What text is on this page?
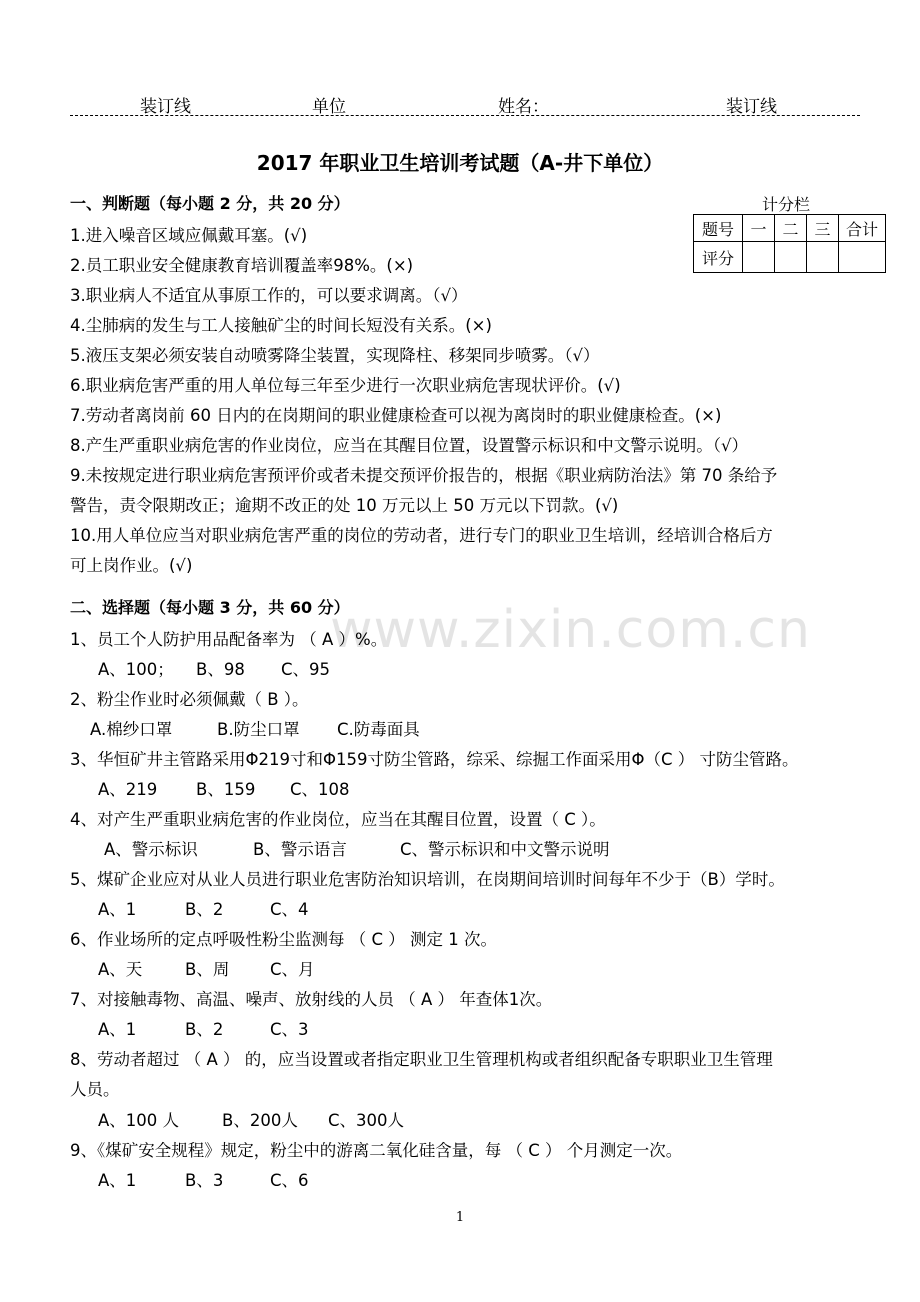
装订线	单位	姓名：	装订线
2017 年职业卫生培训考试题（A-井下单位）
www.zixin.com.cn
一、判断题（每小题 2 分，共 20 分）	计分栏
题号	一	二	三	合计
评分				
1.进入噪音区域应佩戴耳塞。(√)
2.员工职业安全健康教育培训覆盖率98%。(×)
3.职业病人不适宜从事原工作的，可以要求调离。（√）
4.尘肺病的发生与工人接触矿尘的时间长短没有关系。(×)
5.液压支架必须安装自动喷雾降尘装置，实现降柱、移架同步喷雾。（√）
6.职业病危害严重的用人单位每三年至少进行一次职业病危害现状评价。(√)
7.劳动者离岗前 60 日内的在岗期间的职业健康检查可以视为离岗时的职业健康检查。(×)
8.产生严重职业病危害的作业岗位，应当在其醒目位置，设置警示标识和中文警示说明。（√）
9.未按规定进行职业病危害预评价或者未提交预评价报告的，根据《职业病防治法》第 70 条给予
警告，责令限期改正；逾期不改正的处 10 万元以上 50 万元以下罚款。(√)
10.用人单位应当对职业病危害严重的岗位的劳动者，进行专门的职业卫生培训，经培训合格后方
可上岗作业。(√)
二、选择题（每小题 3 分，共 60 分）
1、员工个人防护用品配备率为 （ A ）%。
A、100； B、98 C、95
2、粉尘作业时必须佩戴（ B ）。
A.棉纱口罩	B.防尘口罩 C.防毒面具
3、华恒矿井主管路采用Φ219寸和Φ159寸防尘管路，综采、综掘工作面采用Φ（C ） 寸防尘管路。
A、219 B、159 C、108
4、对产生严重职业病危害的作业岗位，应当在其醒目位置，设置（ C ）。
A、警示标识	B、警示语言	C、警示标识和中文警示说明
5、煤矿企业应对从业人员进行职业危害防治知识培训，在岗期间培训时间每年不少于（B）学时。
A、1	B、2	C、4
6、作业场所的定点呼吸性粉尘监测每 （ C ） 测定 1 次。
A、天	B、周 C、月
7、对接触毒物、高温、噪声、放射线的人员 （ A ） 年查体1次。
A、1	B、2	C、3
8、劳动者超过 （ A ） 的，应当设置或者指定职业卫生管理机构或者组织配备专职职业卫生管理
人员。
A、100 人	B、200人 C、300人
9、《煤矿安全规程》规定，粉尘中的游离二氧化硅含量，每 （ C ） 个月测定一次。
A、1	B、3	C、6
1
